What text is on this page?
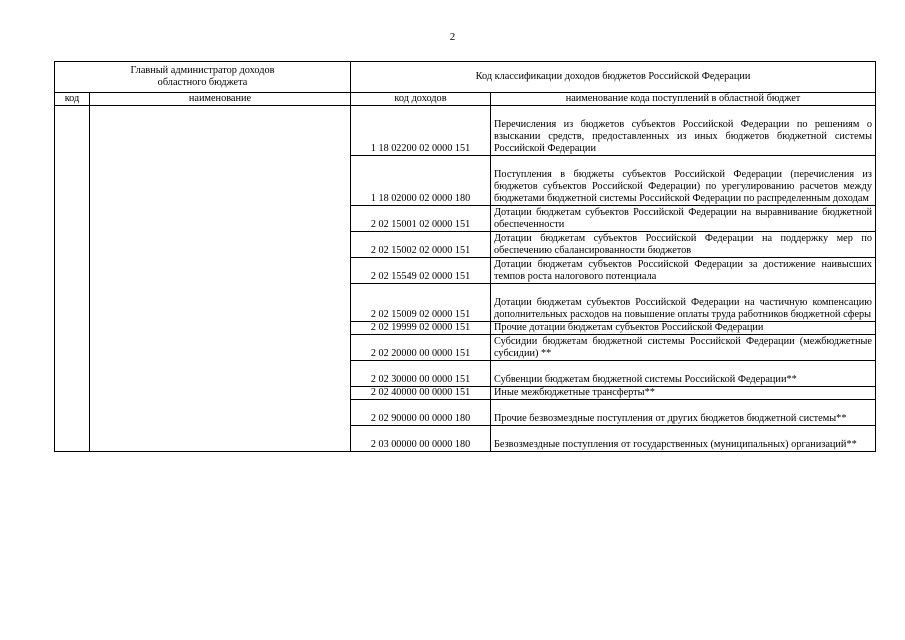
2
Главный администратор доходов областного бюджета		Код классификации доходов бюджетов Российской Федерации	
код	наименование	код доходов	наименование кода поступлений в областной бюджет
		1 18 02200 02 0000 151	Перечисления из бюджетов субъектов Российской Федерации по решениям о взыскании средств, предоставленных из иных бюджетов бюджетной системы Российской Федерации
		1 18 02000 02 0000 180	Поступления в бюджеты субъектов Российской Федерации (перечисления из бюджетов субъектов Российской Федерации) по урегулированию расчетов между бюджетами бюджетной системы Российской Федерации по распределенным доходам
		2 02 15001 02 0000 151	Дотации бюджетам субъектов Российской Федерации на выравнивание бюджетной обеспеченности
		2 02 15002 02 0000 151	Дотации бюджетам субъектов Российской Федерации на поддержку мер по обеспечению сбалансированности бюджетов
		2 02 15549 02 0000 151	Дотации бюджетам субъектов Российской Федерации за достижение наивысших темпов роста налогового потенциала
		2 02 15009 02 0000 151	Дотации бюджетам субъектов Российской Федерации на частичную компенсацию дополнительных расходов на повышение оплаты труда работников бюджетной сферы
		2 02 19999 02 0000 151	Прочие дотации бюджетам субъектов Российской Федерации
		2 02 20000 00 0000 151	Субсидии бюджетам бюджетной системы Российской Федерации (межбюджетные субсидии) **
		2 02 30000 00 0000 151	Субвенции бюджетам бюджетной системы Российской Федерации**
		2 02 40000 00 0000 151	Иные межбюджетные трансферты**
		2 02 90000 00 0000 180	Прочие безвозмездные поступления от других бюджетов бюджетной системы**
		2 03 00000 00 0000 180	Безвозмездные поступления от государственных (муниципальных) организаций**
